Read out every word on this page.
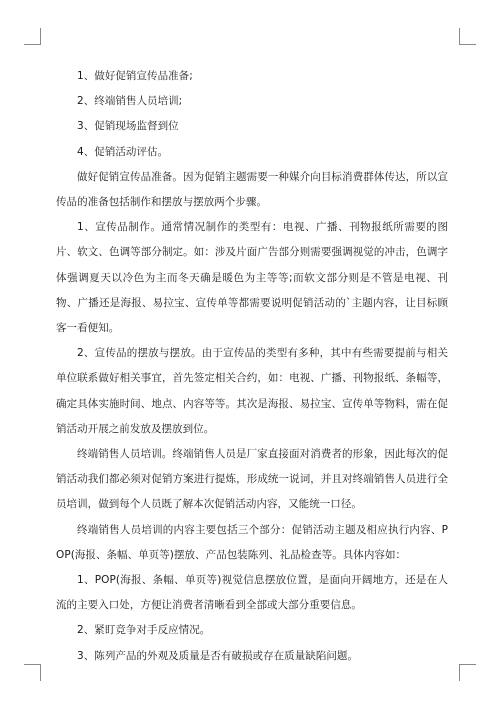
1、做好促销宣传品准备;

2、终端销售人员培训;

3、促销现场监督到位

4、促销活动评估。

做好促销宣传品准备。因为促销主题需要一种媒介向目标消费群体传达，所以宣传品的准备包括制作和摆放与摆放两个步骤。

1、宣传品制作。通常情况制作的类型有：电视、广播、刊物报纸所需要的图片、软文、色调等部分制定。如：涉及片面广告部分则需要强调视觉的冲击，色调字体强调夏天以冷色为主而冬天确是暖色为主等等;而软文部分则是不管是电视、刊物、广播还是海报、易拉宝、宣传单等都需要说明促销活动的`主题内容，让目标顾客一看便知。

2、宣传品的摆放与摆放。由于宣传品的类型有多种，其中有些需要提前与相关单位联系做好相关事宜，首先签定相关合约，如：电视、广播、刊物报纸、条幅等，确定具体实施时间、地点、内容等等。其次是海报、易拉宝、宣传单等物料，需在促销活动开展之前发放及摆放到位。

终端销售人员培训。终端销售人员是厂家直接面对消费者的形象，因此每次的促销活动我们都必须对促销方案进行提炼，形成统一说词，并且对终端销售人员进行全员培训，做到每个人员既了解本次促销活动内容，又能统一口径。

终端销售人员培训的内容主要包括三个部分：促销活动主题及相应执行内容、POP(海报、条幅、单页等)摆放、产品包装陈列、礼品检查等。具体内容如：

1、POP(海报、条幅、单页等)视觉信息摆放位置，是面向开阔地方，还是在人流的主要入口处，方便让消费者清晰看到全部或大部分重要信息。

2、紧盯竞争对手反应情况。

3、陈列产品的外观及质量是否有破损或存在质量缺陷问题。
